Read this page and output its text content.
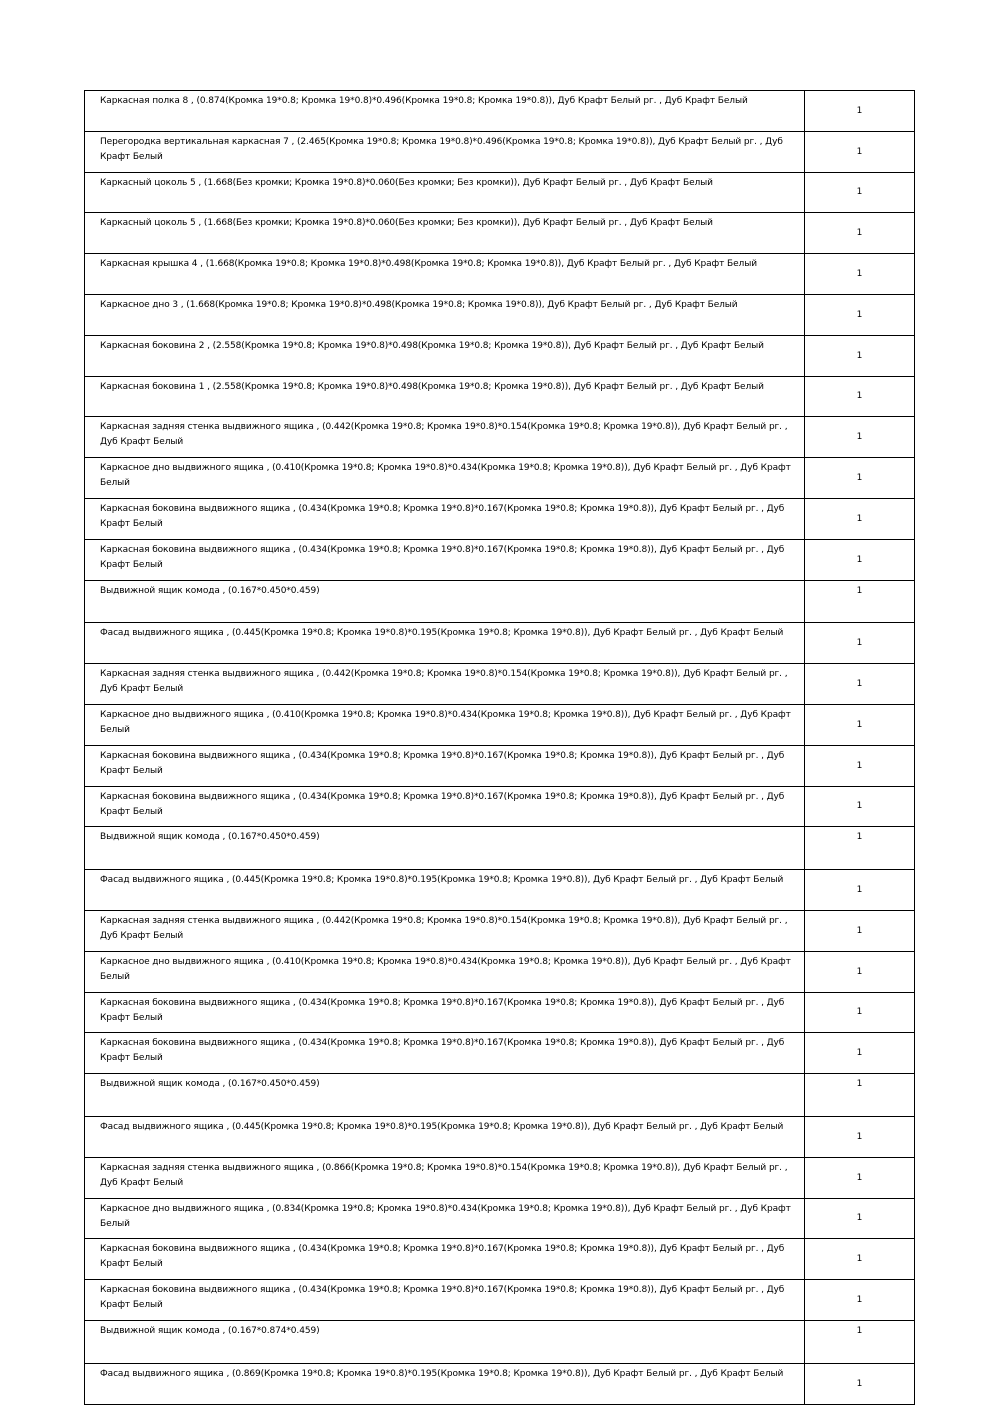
Каркасная полка 8 , (0.874(Кромка 19*0.8; Кромка 19*0.8)*0.496(Кромка 19*0.8; Кромка 19*0.8)), Дуб Крафт Белый рг. , Дуб Крафт Белый	1
Перегородка вертикальная каркасная 7 , (2.465(Кромка 19*0.8; Кромка 19*0.8)*0.496(Кромка 19*0.8; Кромка 19*0.8)), Дуб Крафт Белый рг. , Дуб Крафт Белый	1
Каркасный цоколь 5 , (1.668(Без кромки; Кромка 19*0.8)*0.060(Без кромки; Без кромки)), Дуб Крафт Белый рг. , Дуб Крафт Белый	1
Каркасный цоколь 5 , (1.668(Без кромки; Кромка 19*0.8)*0.060(Без кромки; Без кромки)), Дуб Крафт Белый рг. , Дуб Крафт Белый	1
Каркасная крышка 4 , (1.668(Кромка 19*0.8; Кромка 19*0.8)*0.498(Кромка 19*0.8; Кромка 19*0.8)), Дуб Крафт Белый рг. , Дуб Крафт Белый	1
Каркасное дно 3 , (1.668(Кромка 19*0.8; Кромка 19*0.8)*0.498(Кромка 19*0.8; Кромка 19*0.8)), Дуб Крафт Белый рг. , Дуб Крафт Белый	1
Каркасная боковина 2 , (2.558(Кромка 19*0.8; Кромка 19*0.8)*0.498(Кромка 19*0.8; Кромка 19*0.8)), Дуб Крафт Белый рг. , Дуб Крафт Белый	1
Каркасная боковина 1 , (2.558(Кромка 19*0.8; Кромка 19*0.8)*0.498(Кромка 19*0.8; Кромка 19*0.8)), Дуб Крафт Белый рг. , Дуб Крафт Белый	1
Каркасная задняя стенка выдвижного ящика , (0.442(Кромка 19*0.8; Кромка 19*0.8)*0.154(Кромка 19*0.8; Кромка 19*0.8)), Дуб Крафт Белый рг. , Дуб Крафт Белый	1
Каркасное дно выдвижного ящика , (0.410(Кромка 19*0.8; Кромка 19*0.8)*0.434(Кромка 19*0.8; Кромка 19*0.8)), Дуб Крафт Белый рг. , Дуб Крафт Белый	1
Каркасная боковина выдвижного ящика , (0.434(Кромка 19*0.8; Кромка 19*0.8)*0.167(Кромка 19*0.8; Кромка 19*0.8)), Дуб Крафт Белый рг. , Дуб Крафт Белый	1
Каркасная боковина выдвижного ящика , (0.434(Кромка 19*0.8; Кромка 19*0.8)*0.167(Кромка 19*0.8; Кромка 19*0.8)), Дуб Крафт Белый рг. , Дуб Крафт Белый	1
Выдвижной ящик комода , (0.167*0.450*0.459)	1
Фасад выдвижного ящика , (0.445(Кромка 19*0.8; Кромка 19*0.8)*0.195(Кромка 19*0.8; Кромка 19*0.8)), Дуб Крафт Белый рг. , Дуб Крафт Белый	1
Каркасная задняя стенка выдвижного ящика , (0.442(Кромка 19*0.8; Кромка 19*0.8)*0.154(Кромка 19*0.8; Кромка 19*0.8)), Дуб Крафт Белый рг. , Дуб Крафт Белый	1
Каркасное дно выдвижного ящика , (0.410(Кромка 19*0.8; Кромка 19*0.8)*0.434(Кромка 19*0.8; Кромка 19*0.8)), Дуб Крафт Белый рг. , Дуб Крафт Белый	1
Каркасная боковина выдвижного ящика , (0.434(Кромка 19*0.8; Кромка 19*0.8)*0.167(Кромка 19*0.8; Кромка 19*0.8)), Дуб Крафт Белый рг. , Дуб Крафт Белый	1
Каркасная боковина выдвижного ящика , (0.434(Кромка 19*0.8; Кромка 19*0.8)*0.167(Кромка 19*0.8; Кромка 19*0.8)), Дуб Крафт Белый рг. , Дуб Крафт Белый	1
Выдвижной ящик комода , (0.167*0.450*0.459)	1
Фасад выдвижного ящика , (0.445(Кромка 19*0.8; Кромка 19*0.8)*0.195(Кромка 19*0.8; Кромка 19*0.8)), Дуб Крафт Белый рг. , Дуб Крафт Белый	1
Каркасная задняя стенка выдвижного ящика , (0.442(Кромка 19*0.8; Кромка 19*0.8)*0.154(Кромка 19*0.8; Кромка 19*0.8)), Дуб Крафт Белый рг. , Дуб Крафт Белый	1
Каркасное дно выдвижного ящика , (0.410(Кромка 19*0.8; Кромка 19*0.8)*0.434(Кромка 19*0.8; Кромка 19*0.8)), Дуб Крафт Белый рг. , Дуб Крафт Белый	1
Каркасная боковина выдвижного ящика , (0.434(Кромка 19*0.8; Кромка 19*0.8)*0.167(Кромка 19*0.8; Кромка 19*0.8)), Дуб Крафт Белый рг. , Дуб Крафт Белый	1
Каркасная боковина выдвижного ящика , (0.434(Кромка 19*0.8; Кромка 19*0.8)*0.167(Кромка 19*0.8; Кромка 19*0.8)), Дуб Крафт Белый рг. , Дуб Крафт Белый	1
Выдвижной ящик комода , (0.167*0.450*0.459)	1
Фасад выдвижного ящика , (0.445(Кромка 19*0.8; Кромка 19*0.8)*0.195(Кромка 19*0.8; Кромка 19*0.8)), Дуб Крафт Белый рг. , Дуб Крафт Белый	1
Каркасная задняя стенка выдвижного ящика , (0.866(Кромка 19*0.8; Кромка 19*0.8)*0.154(Кромка 19*0.8; Кромка 19*0.8)), Дуб Крафт Белый рг. , Дуб Крафт Белый	1
Каркасное дно выдвижного ящика , (0.834(Кромка 19*0.8; Кромка 19*0.8)*0.434(Кромка 19*0.8; Кромка 19*0.8)), Дуб Крафт Белый рг. , Дуб Крафт Белый	1
Каркасная боковина выдвижного ящика , (0.434(Кромка 19*0.8; Кромка 19*0.8)*0.167(Кромка 19*0.8; Кромка 19*0.8)), Дуб Крафт Белый рг. , Дуб Крафт Белый	1
Каркасная боковина выдвижного ящика , (0.434(Кромка 19*0.8; Кромка 19*0.8)*0.167(Кромка 19*0.8; Кромка 19*0.8)), Дуб Крафт Белый рг. , Дуб Крафт Белый	1
Выдвижной ящик комода , (0.167*0.874*0.459)	1
Фасад выдвижного ящика , (0.869(Кромка 19*0.8; Кромка 19*0.8)*0.195(Кромка 19*0.8; Кромка 19*0.8)), Дуб Крафт Белый рг. , Дуб Крафт Белый	1
